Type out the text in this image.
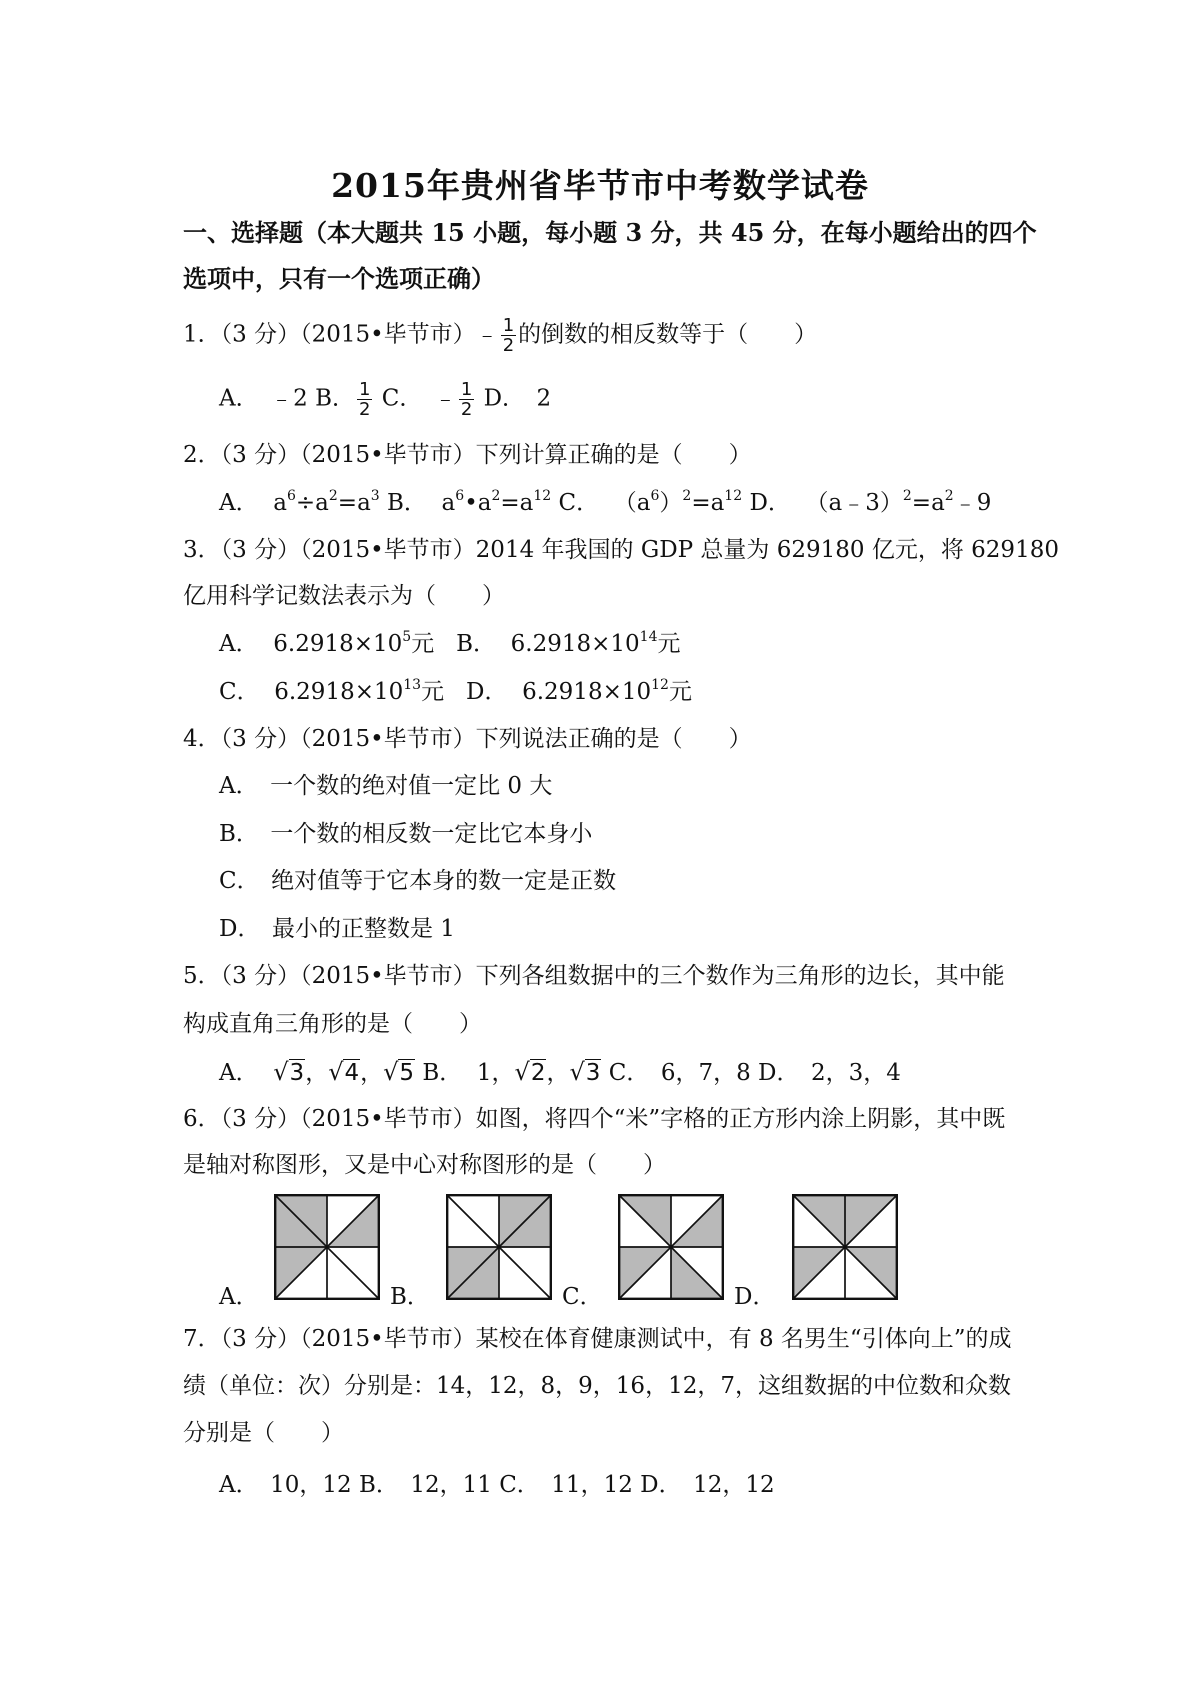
2015年贵州省毕节市中考数学试卷
一、选择题（本大题共 15 小题，每小题 3 分，共 45 分，在每小题给出的四个
选项中，只有一个选项正确）
1．（3 分）（2015•毕节市）﹣ $\frac{1}{2}$ 的倒数的相反数等于（　　）
A．　﹣2 B． $\frac{1}{2}$ C．　﹣ $\frac{1}{2}$ D．　2
2．（3 分）（2015•毕节市）下列计算正确的是（　　）
A． $a^6\div a^2=a^3$ B． $a^6•a^2=a^{12}$ C． $(a^6)^2=a^{12}$ D． $(a﹣3)^2=a^2﹣9$
3．（3 分）（2015•毕节市）2014 年我国的 GDP 总量为 629180 亿元，将 629180
亿用科学记数法表示为（　　）
A． $6.2918\times 10^5$元 B． $6.2918\times 10^{14}$元
C． $6.2918\times 10^{13}$元 D． $6.2918\times 10^{12}$元
4．（3 分）（2015•毕节市）下列说法正确的是（　　）
A．　一个数的绝对值一定比 0 大
B．　一个数的相反数一定比它本身小
C．　绝对值等于它本身的数一定是正数
D．　最小的正整数是 1
5．（3 分）（2015•毕节市）下列各组数据中的三个数作为三角形的边长，其中能
构成直角三角形的是（　　）
A． √3，√4，√5 B． 1，√2，√3 C．　6，7，8 D．　2，3，4
6．（3 分）（2015•毕节市）如图，将四个“米”字格的正方形内涂上阴影，其中既
是轴对称图形，又是中心对称图形的是（　　）
A．	B．	C．	D．
7．（3 分）（2015•毕节市）某校在体育健康测试中，有 8 名男生“引体向上”的成
绩（单位：次）分别是：14，12，8，9，16，12，7，这组数据的中位数和众数
分别是（　　）
A．　10，12 B．　12，11 C．　11，12 D．　12，12
